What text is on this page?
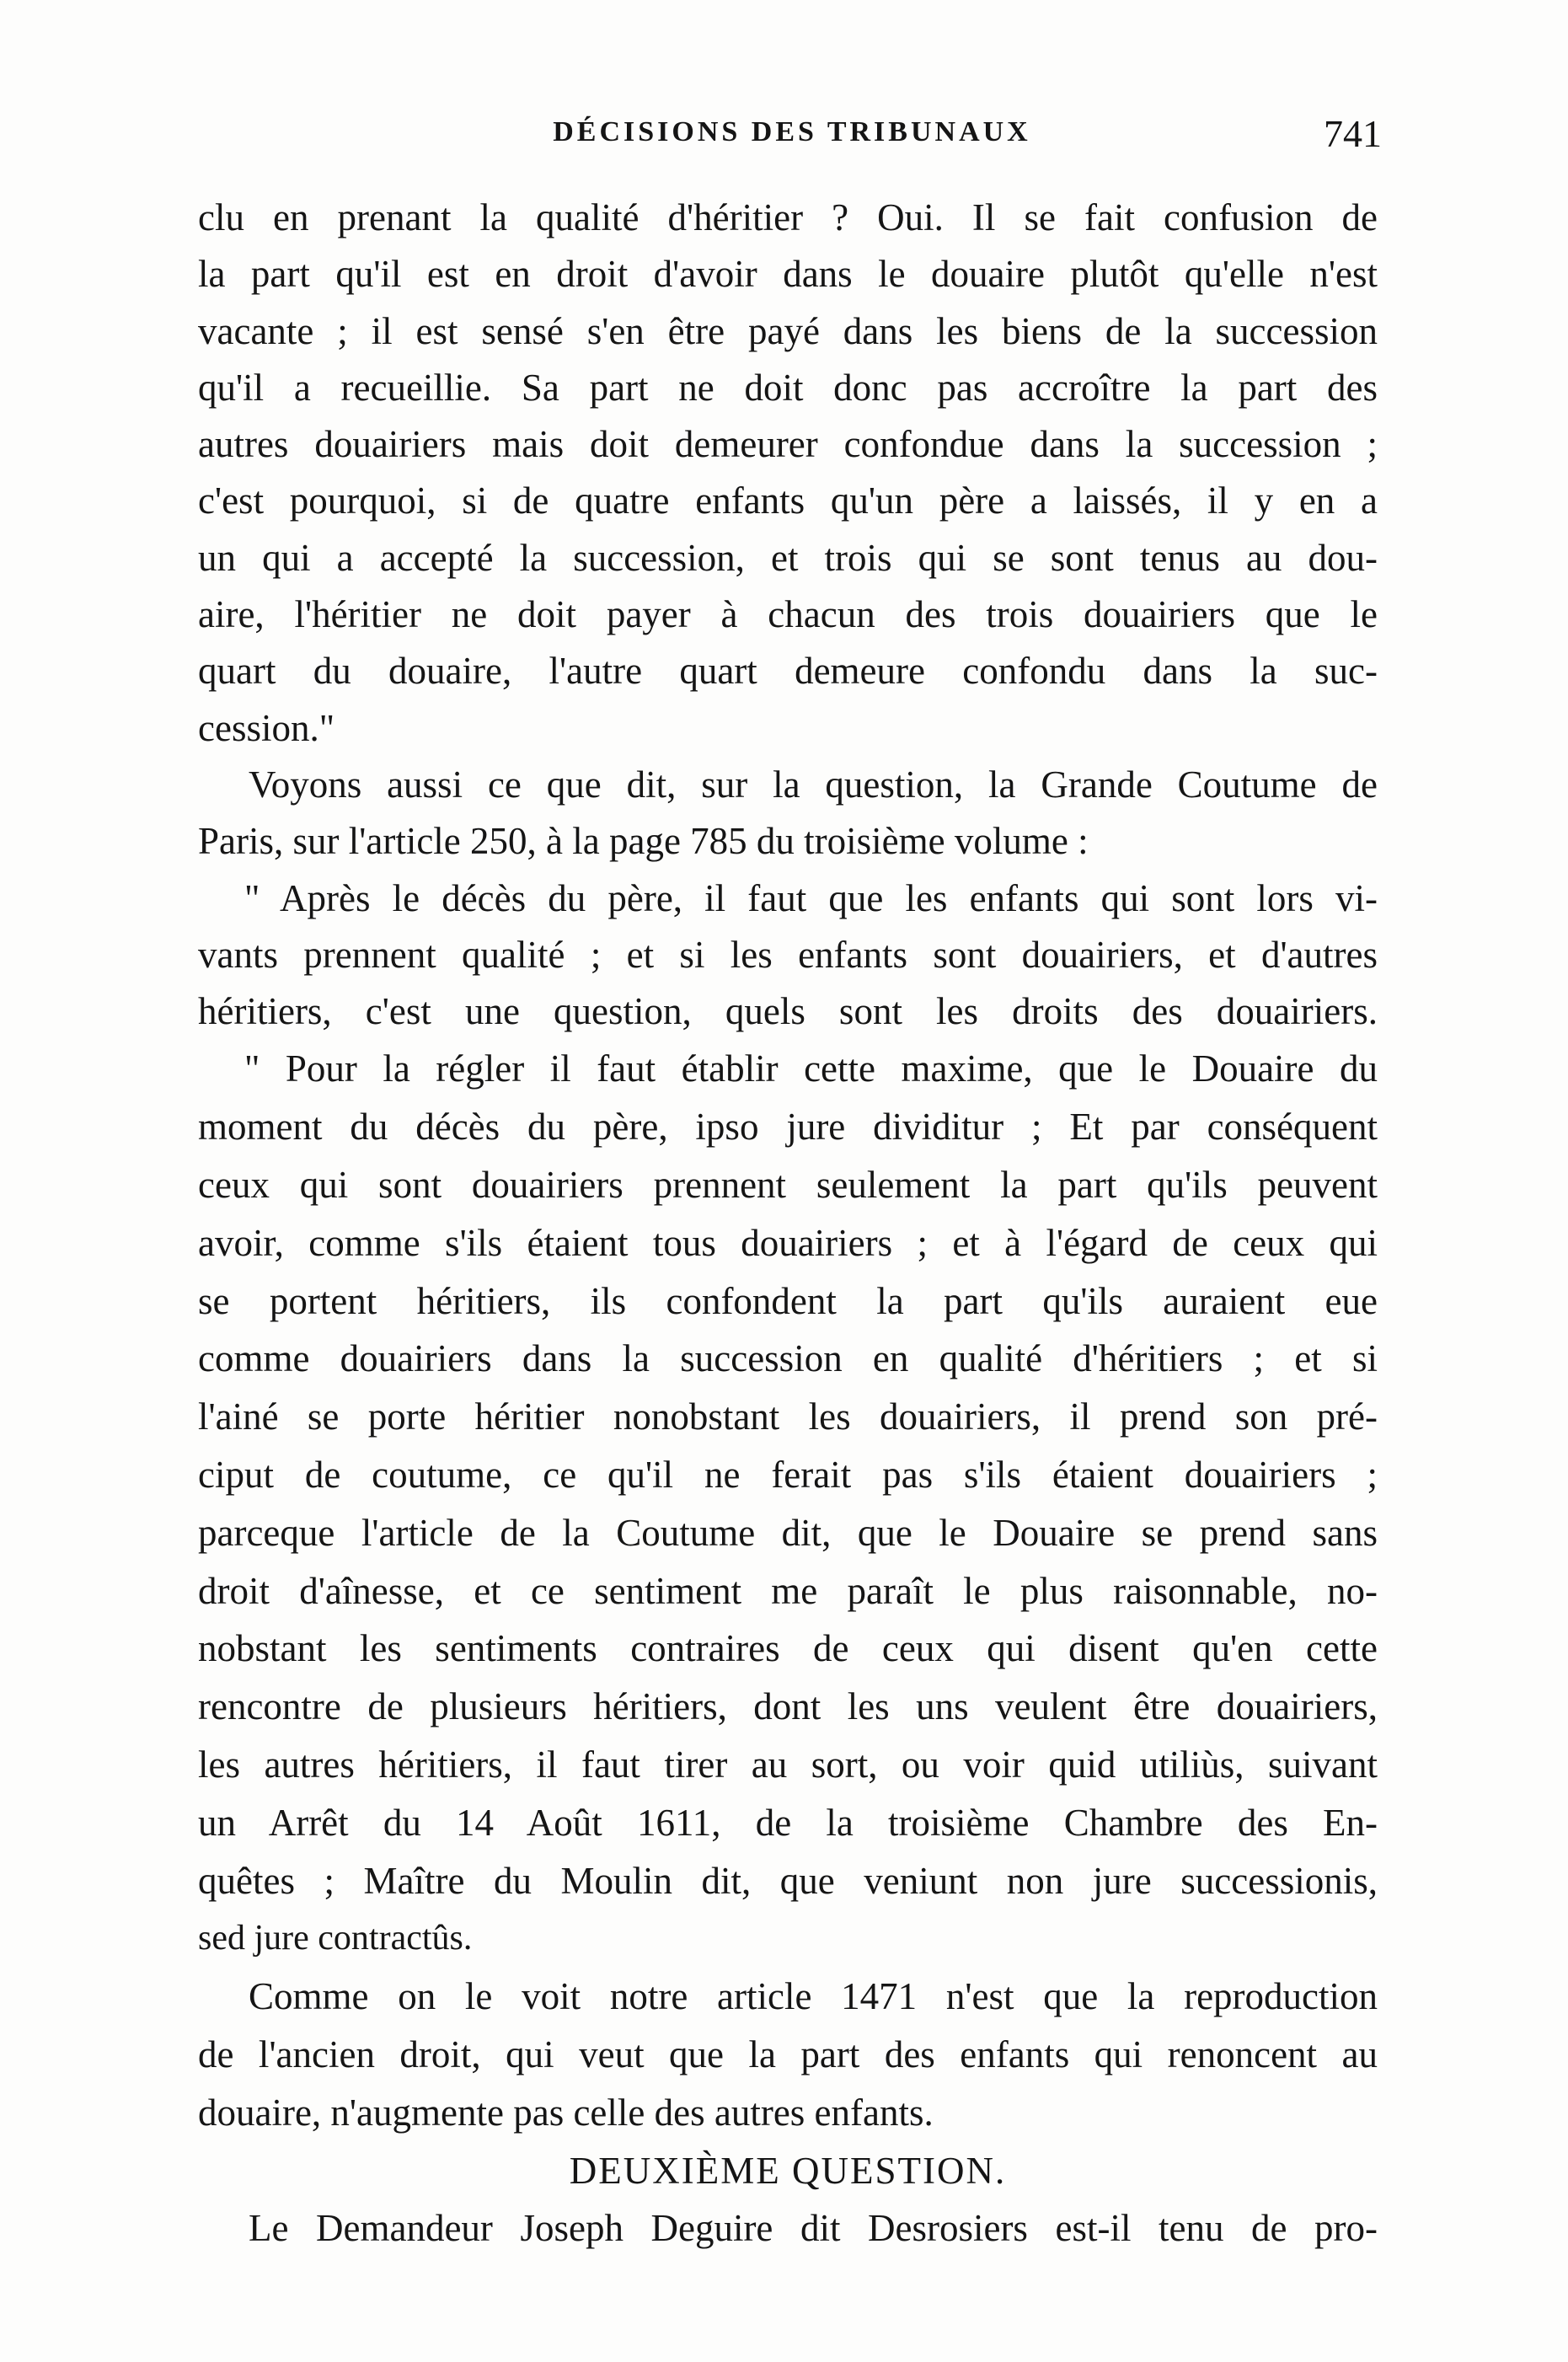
DÉCISIONS DES TRIBUNAUX	741
clu en prenant la qualité d'héritier ? Oui. Il se fait confusion de
la part qu'il est en droit d'avoir dans le douaire plutôt qu'elle n'est
vacante ; il est sensé s'en être payé dans les biens de la succession
qu'il a recueillie. Sa part ne doit donc pas accroître la part des
autres douairiers mais doit demeurer confondue dans la succession ;
c'est pourquoi, si de quatre enfants qu'un père a laissés, il y en a
un qui a accepté la succession, et trois qui se sont tenus au dou-
aire, l'héritier ne doit payer à chacun des trois douairiers que le
quart du douaire, l'autre quart demeure confondu dans la suc-
cession."
Voyons aussi ce que dit, sur la question, la Grande Coutume de
Paris, sur l'article 250, à la page 785 du troisième volume :
" Après le décès du père, il faut que les enfants qui sont lors vi-
vants prennent qualité ; et si les enfants sont douairiers, et d'autres
héritiers, c'est une question, quels sont les droits des douairiers.
" Pour la régler il faut établir cette maxime, que le Douaire du
moment du décès du père, ipso jure dividitur ; Et par conséquent
ceux qui sont douairiers prennent seulement la part qu'ils peuvent
avoir, comme s'ils étaient tous douairiers ; et à l'égard de ceux qui
se portent héritiers, ils confondent la part qu'ils auraient eue
comme douairiers dans la succession en qualité d'héritiers ; et si
l'ainé se porte héritier nonobstant les douairiers, il prend son pré-
ciput de coutume, ce qu'il ne ferait pas s'ils étaient douairiers ;
parceque l'article de la Coutume dit, que le Douaire se prend sans
droit d'aînesse, et ce sentiment me paraît le plus raisonnable, no-
nobstant les sentiments contraires de ceux qui disent qu'en cette
rencontre de plusieurs héritiers, dont les uns veulent être douairiers,
les autres héritiers, il faut tirer au sort, ou voir quid utiliùs, suivant
un Arrêt du 14 Août 1611, de la troisième Chambre des En-
quêtes ; Maître du Moulin dit, que veniunt non jure successionis,
sed jure contractûs.
Comme on le voit notre article 1471 n'est que la reproduction
de l'ancien droit, qui veut que la part des enfants qui renoncent au
douaire, n'augmente pas celle des autres enfants.
DEUXIÈME QUESTION.
Le Demandeur Joseph Deguire dit Desrosiers est-il tenu de pro-
